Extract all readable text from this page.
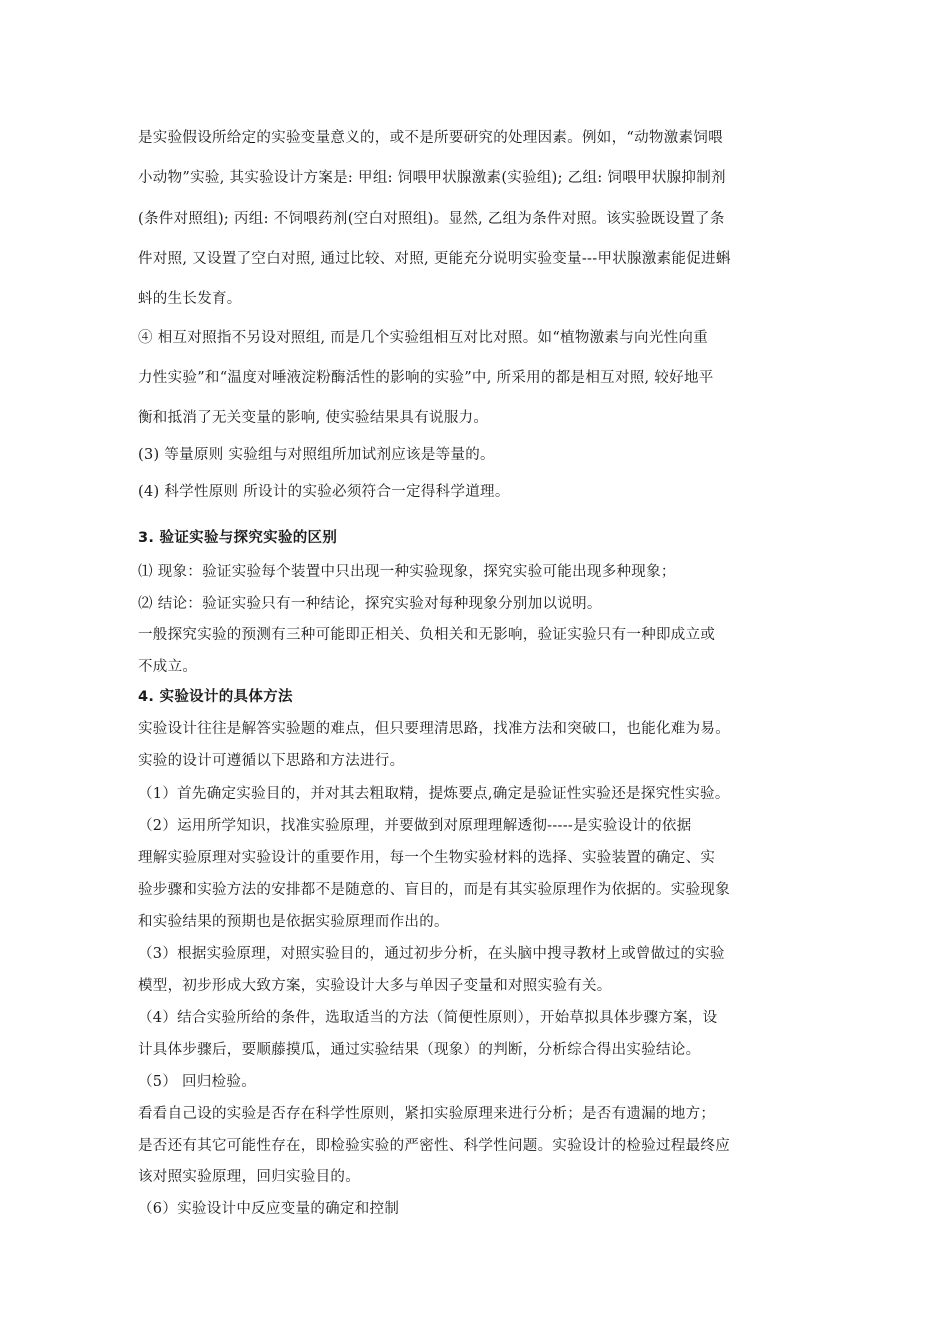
是实验假设所给定的实验变量意义的，或不是所要研究的处理因素。例如，“动物激素饲喂
小动物”实验, 其实验设计方案是: 甲组: 饲喂甲状腺激素(实验组); 乙组: 饲喂甲状腺抑制剂
(条件对照组); 丙组: 不饲喂药剂(空白对照组)。显然, 乙组为条件对照。该实验既设置了条
件对照, 又设置了空白对照, 通过比较、对照, 更能充分说明实验变量---甲状腺激素能促进蝌
蚪的生长发育。
④ 相互对照指不另设对照组, 而是几个实验组相互对比对照。如“植物激素与向光性向重
力性实验”和“温度对唾液淀粉酶活性的影响的实验”中, 所采用的都是相互对照, 较好地平
衡和抵消了无关变量的影响, 使实验结果具有说服力。
(3) 等量原则 实验组与对照组所加试剂应该是等量的。
(4) 科学性原则 所设计的实验必须符合一定得科学道理。
3. 验证实验与探究实验的区别
⑴ 现象：验证实验每个装置中只出现一种实验现象，探究实验可能出现多种现象；
⑵ 结论：验证实验只有一种结论，探究实验对每种现象分别加以说明。
一般探究实验的预测有三种可能即正相关、负相关和无影响，验证实验只有一种即成立或
不成立。
4. 实验设计的具体方法
实验设计往往是解答实验题的难点，但只要理清思路，找准方法和突破口，也能化难为易。
实验的设计可遵循以下思路和方法进行。
（1）首先确定实验目的，并对其去粗取精，提炼要点,确定是验证性实验还是探究性实验。
（2）运用所学知识，找准实验原理，并要做到对原理理解透彻-----是实验设计的依据
理解实验原理对实验设计的重要作用，每一个生物实验材料的选择、实验装置的确定、实
验步骤和实验方法的安排都不是随意的、盲目的，而是有其实验原理作为依据的。实验现象
和实验结果的预期也是依据实验原理而作出的。
（3）根据实验原理，对照实验目的，通过初步分析，在头脑中搜寻教材上或曾做过的实验
模型，初步形成大致方案，实验设计大多与单因子变量和对照实验有关。
（4）结合实验所给的条件，选取适当的方法（简便性原则），开始草拟具体步骤方案，设
计具体步骤后，要顺藤摸瓜，通过实验结果（现象）的判断，分析综合得出实验结论。
（5） 回归检验。
看看自己设的实验是否存在科学性原则，紧扣实验原理来进行分析；是否有遗漏的地方；
是否还有其它可能性存在，即检验实验的严密性、科学性问题。实验设计的检验过程最终应
该对照实验原理，回归实验目的。
（6）实验设计中反应变量的确定和控制
